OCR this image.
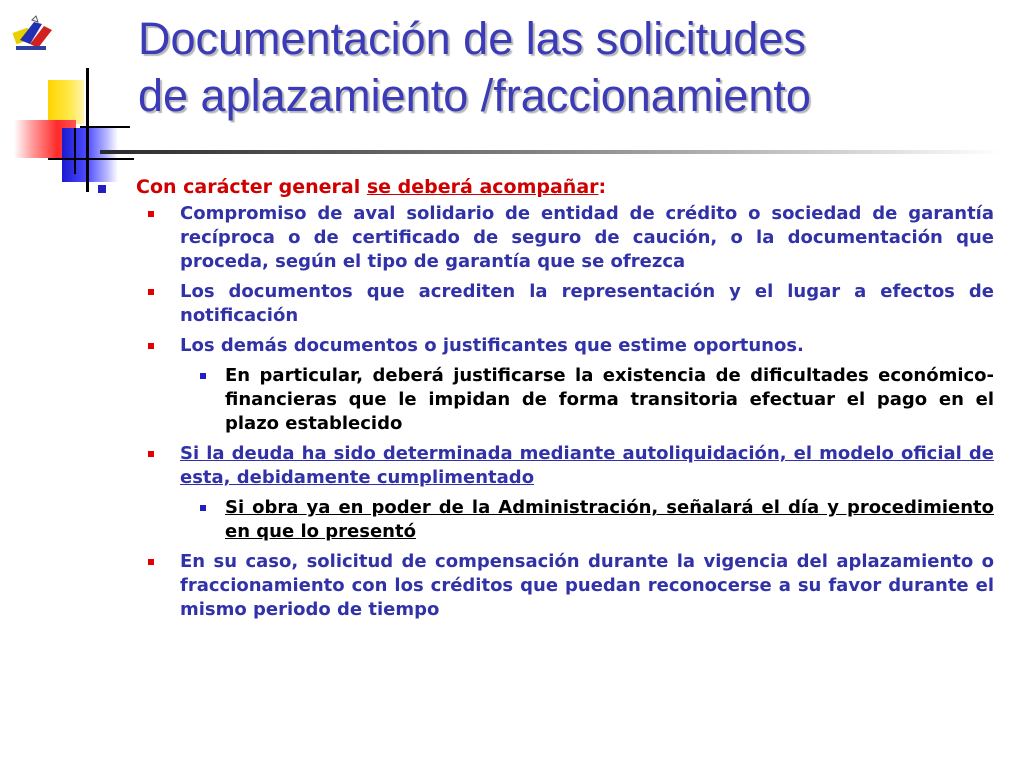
Documentación de las solicitudes
de aplazamiento /fraccionamiento
Con carácter general se deberá acompañar:
Compromiso de aval solidario de entidad de crédito o sociedad de garantía recíproca o de certificado de seguro de caución, o la documentación que proceda, según el tipo de garantía que se ofrezca
Los documentos que acrediten la representación y el lugar a efectos de notificación
Los demás documentos o justificantes que estime oportunos.
En particular, deberá justificarse la existencia de dificultades económico-financieras que le impidan de forma transitoria efectuar el pago en el plazo establecido
Si la deuda ha sido determinada mediante autoliquidación, el modelo oficial de esta, debidamente cumplimentado
Si obra ya en poder de la Administración, señalará el día y procedimiento en que lo presentó
En su caso, solicitud de compensación durante la vigencia del aplazamiento o fraccionamiento con los créditos que puedan reconocerse a su favor durante el mismo periodo de tiempo
